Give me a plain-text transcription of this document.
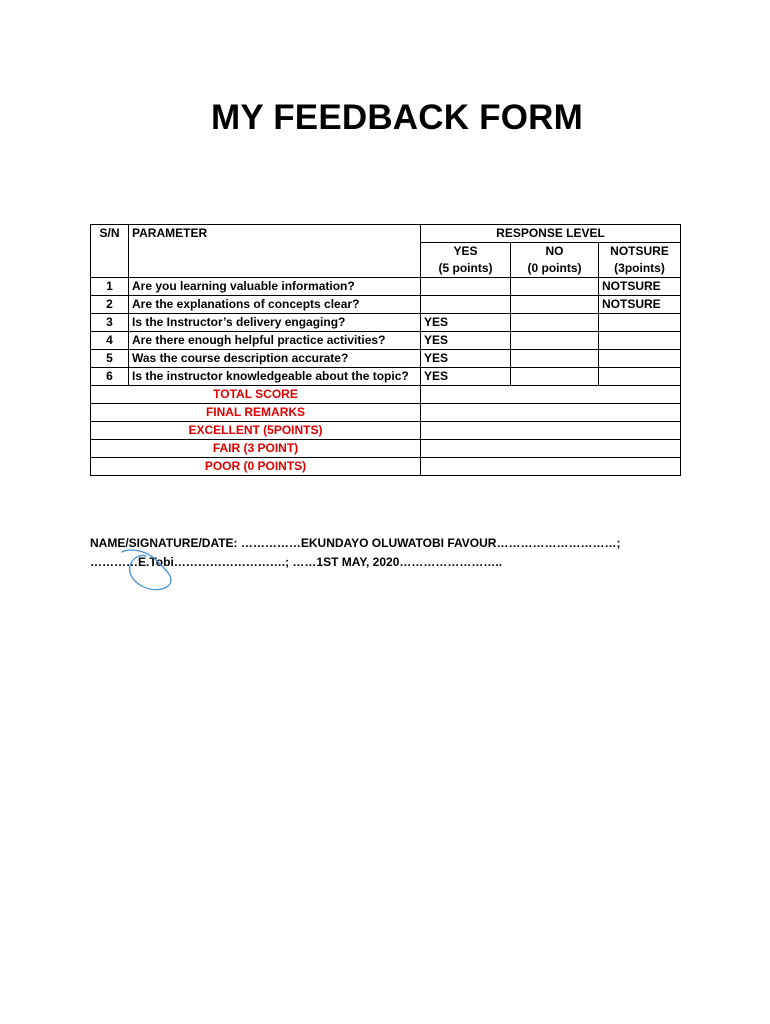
MY FEEDBACK FORM
S/N	PARAMETER	RESPONSE LEVEL		
		YES	NO	NOTSURE
		(5 points)	(0 points)	(3points)
1	Are you learning valuable information?			NOTSURE
2	Are the explanations of concepts clear?			NOTSURE
3	Is the Instructor’s delivery engaging?	YES		
4	Are there enough helpful practice activities?	YES		
5	Was the course description accurate?	YES		
6	Is the instructor knowledgeable about the topic?	YES		
TOTAL SCORE				
FINAL REMARKS				
EXCELLENT (5POINTS)				
FAIR (3 POINT)				
POOR (0 POINTS)				
NAME/SIGNATURE/DATE: ……………EKUNDAYO OLUWATOBI FAVOUR…………………………;
…………E.Tobi……………………….; ……1ST MAY, 2020……………………..
